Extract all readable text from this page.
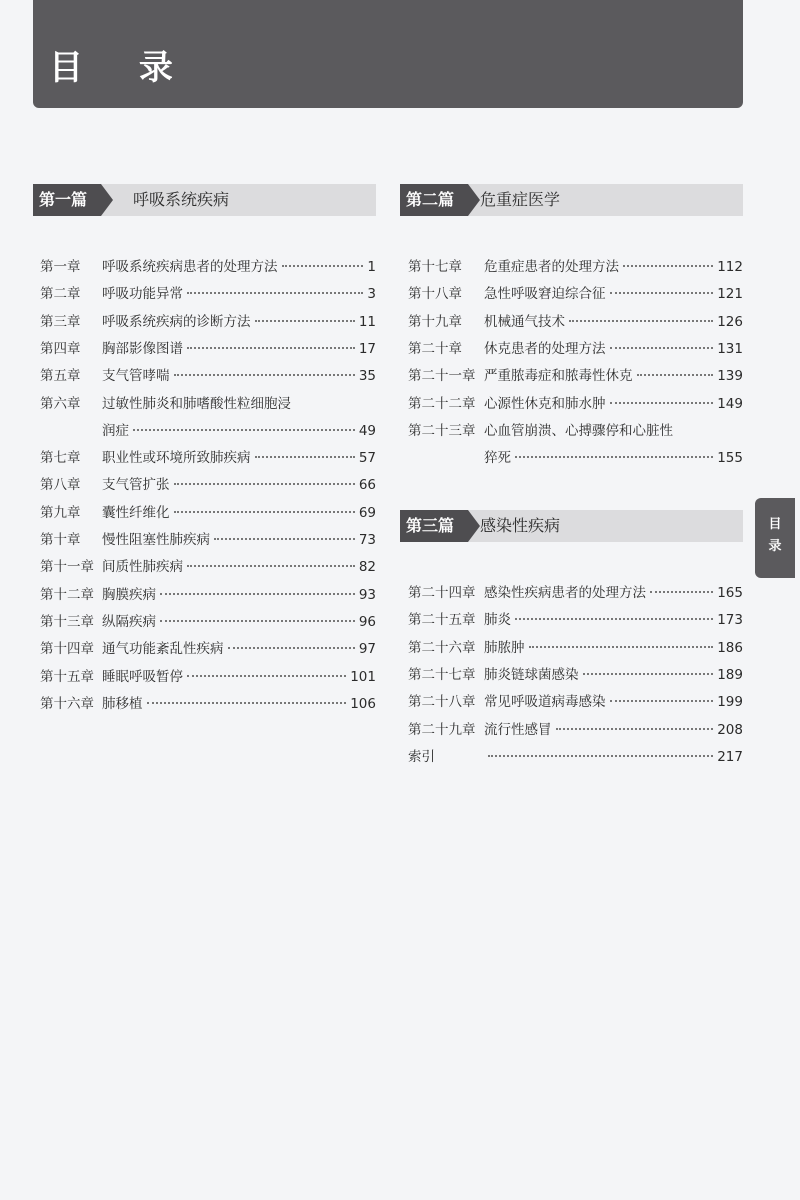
目 录
目
录
第一篇	呼吸系统疾病	第二篇	危重症医学
第三篇	感染性疾病
第一章	呼吸系统疾病患者的处理方法	1
第二章	呼吸功能异常	3
第三章	呼吸系统疾病的诊断方法	11
第四章	胸部影像图谱	17
第五章	支气管哮喘	35
第六章	过敏性肺炎和肺嗜酸性粒细胞浸
润症	49
第七章	职业性或环境所致肺疾病	57
第八章	支气管扩张	66
第九章	囊性纤维化	69
第十章	慢性阻塞性肺疾病	73
第十一章 间质性肺疾病	82
第十二章 胸膜疾病	93
第十三章 纵隔疾病	96
第十四章 通气功能紊乱性疾病	97
第十五章 睡眠呼吸暂停	101
第十六章 肺移植	106
第十七章	危重症患者的处理方法	112
第十八章	急性呼吸窘迫综合征	121
第十九章	机械通气技术	126
第二十章	休克患者的处理方法	131
第二十一章 严重脓毒症和脓毒性休克	139
第二十二章 心源性休克和肺水肿	149
第二十三章 心血管崩溃、心搏骤停和心脏性
猝死	155
第二十四章 感染性疾病患者的处理方法	165
第二十五章 肺炎	173
第二十六章 肺脓肿	186
第二十七章 肺炎链球菌感染	189
第二十八章 常见呼吸道病毒感染	199
第二十九章 流行性感冒	208
索引	217
